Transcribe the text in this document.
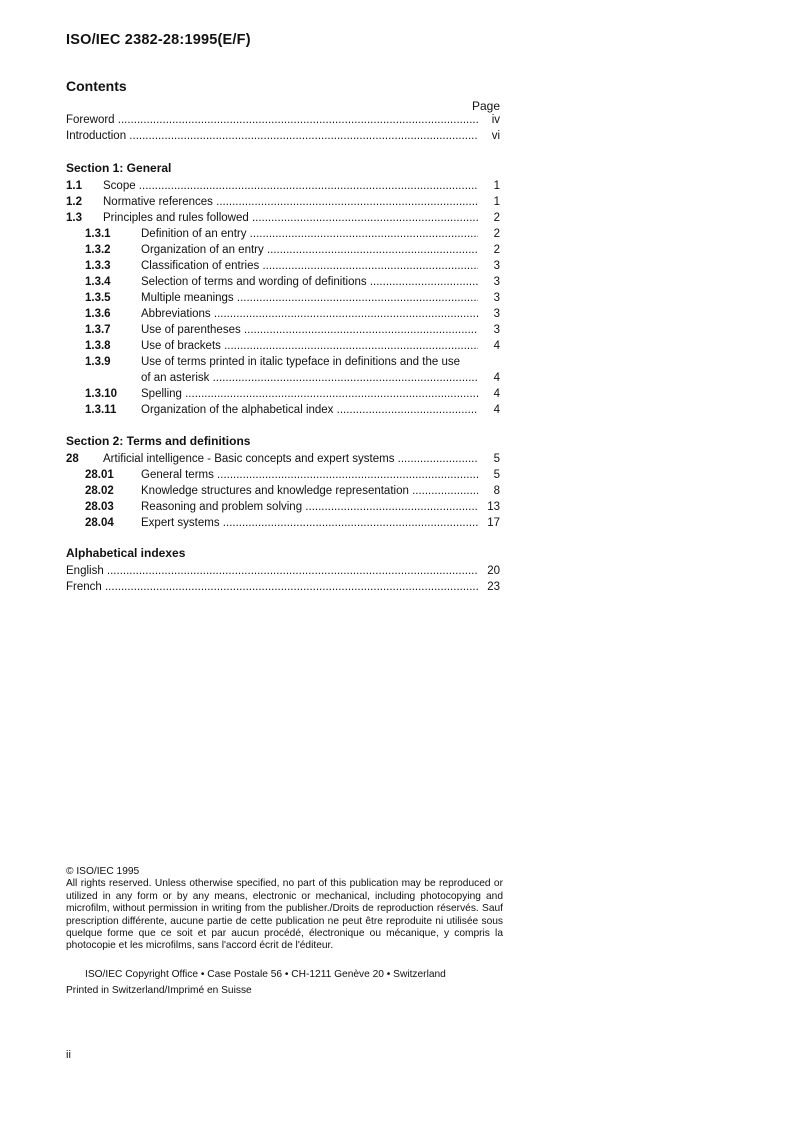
ISO/IEC 2382-28:1995(E/F)
Contents
Page
Foreword .....	iv
Introduction .....	vi
Section 1: General
1.1 Scope .....	1
1.2 Normative references .....	1
1.3 Principles and rules followed .....	2
1.3.1	Definition of an entry .....	2
1.3.2	Organization of an entry .....	2
1.3.3	Classification of entries .....	3
1.3.4	Selection of terms and wording of definitions .....	3
1.3.5	Multiple meanings .....	3
1.3.6	Abbreviations .....	3
1.3.7	Use of parentheses .....	3
1.3.8	Use of brackets .....	4
1.3.9	Use of terms printed in italic typeface in definitions and the use
of an asterisk .....	4
1.3.10 Spelling .....	4
1.3.11 Organization of the alphabetical index .....	4
Section 2: Terms and definitions
28 Artificial intelligence - Basic concepts and expert systems .....	5
28.01 General terms .....	5
28.02 Knowledge structures and knowledge representation .....	8
28.03 Reasoning and problem solving .....	13
28.04 Expert systems .....	17
Alphabetical indexes
English .....	20
French .....	23
© ISO/IEC 1995
All rights reserved. Unless otherwise specified, no part of this publication may be reproduced or utilized in any form or by any means, electronic or mechanical, including photocopying and microfilm, without permission in writing from the publisher./Droits de reproduction réservés. Sauf prescription différente, aucune partie de cette publication ne peut être reproduite ni utilisée sous quelque forme que ce soit et par aucun procédé, électronique ou mécanique, y compris la photocopie et les microfilms, sans l'accord écrit de l'éditeur.
ISO/IEC Copyright Office • Case Postale 56 • CH-1211 Genève 20 • Switzerland
Printed in Switzerland/Imprimé en Suisse
ii
